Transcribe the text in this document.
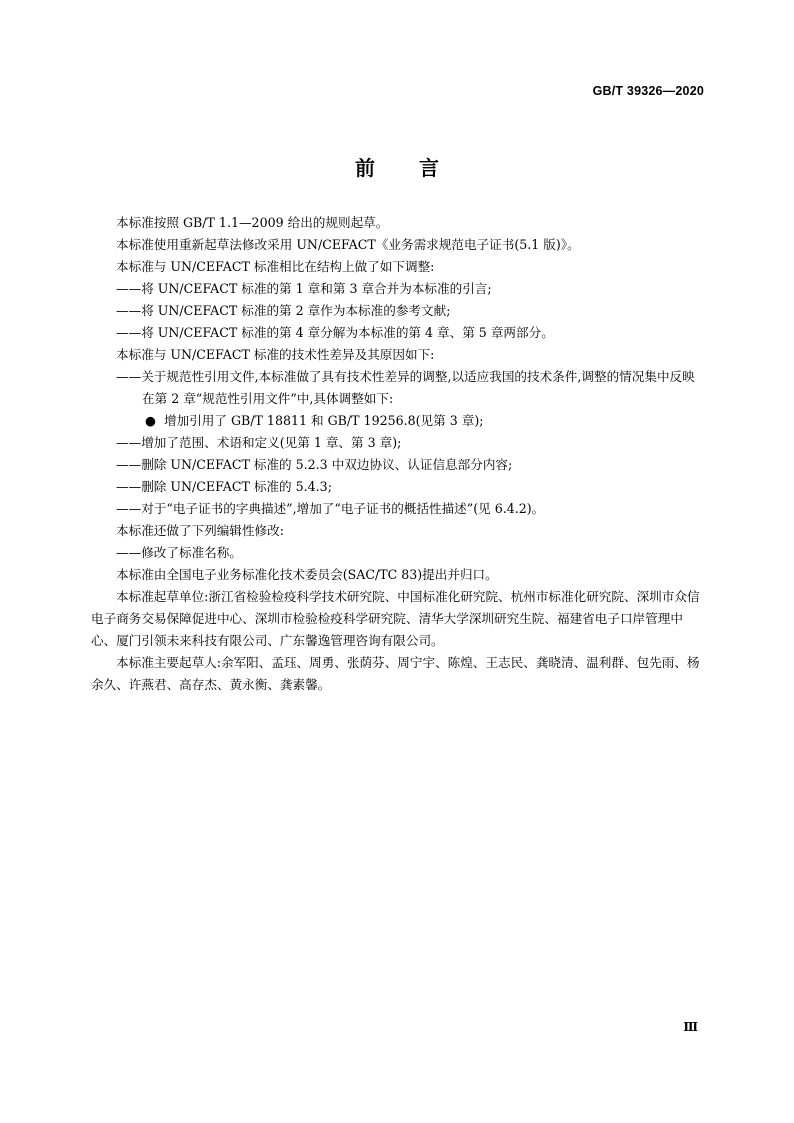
GB/T 39326—2020
前言

本标准按照 GB/T 1.1—2009 给出的规则起草。

本标准使用重新起草法修改采用 UN/CEFACT《业务需求规范电子证书(5.1 版)》。

本标准与 UN/CEFACT 标准相比在结构上做了如下调整:

——将 UN/CEFACT 标准的第 1 章和第 3 章合并为本标准的引言;

——将 UN/CEFACT 标准的第 2 章作为本标准的参考文献;

——将 UN/CEFACT 标准的第 4 章分解为本标准的第 4 章、第 5 章两部分。

本标准与 UN/CEFACT 标准的技术性差异及其原因如下:

——关于规范性引用文件,本标准做了具有技术性差异的调整,以适应我国的技术条件,调整的情况集中反映在第 2 章“规范性引用文件”中,具体调整如下:

● 增加引用了 GB/T 18811 和 GB/T 19256.8(见第 3 章);

——增加了范围、术语和定义(见第 1 章、第 3 章);

——删除 UN/CEFACT 标准的 5.2.3 中双边协议、认证信息部分内容;

——删除 UN/CEFACT 标准的 5.4.3;

——对于“电子证书的字典描述”,增加了“电子证书的概括性描述”(见 6.4.2)。

本标准还做了下列编辑性修改:

——修改了标准名称。

本标准由全国电子业务标准化技术委员会(SAC/TC 83)提出并归口。

本标准起草单位:浙江省检验检疫科学技术研究院、中国标准化研究院、杭州市标准化研究院、深圳市众信电子商务交易保障促进中心、深圳市检验检疫科学研究院、清华大学深圳研究生院、福建省电子口岸管理中心、厦门引领未来科技有限公司、广东馨逸管理咨询有限公司。

本标准主要起草人:余军阳、孟珏、周勇、张荫芬、周宁宇、陈煌、王志民、龚晓清、温利群、包先雨、杨余久、许燕君、高存杰、黄永衡、龚素馨。

Ⅲ
